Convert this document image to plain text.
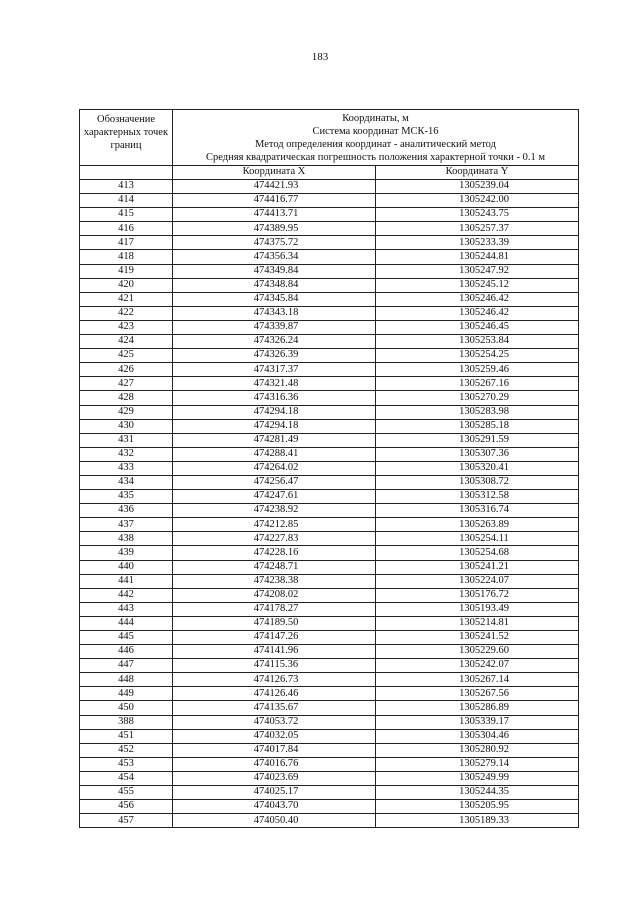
183
Обозначение характерных точек границ	Координаты, м
Система координат МСК-16
Метод определения координат - аналитический метод
Средняя квадратическая погрешность положения характерной точки - 0.1 м	

	Координата X	Координата Y
413	474421.93	1305239.04
414	474416.77	1305242.00
415	474413.71	1305243.75
416	474389.95	1305257.37
417	474375.72	1305233.39
418	474356.34	1305244.81
419	474349.84	1305247.92
420	474348.84	1305245.12
421	474345.84	1305246.42
422	474343.18	1305246.42
423	474339.87	1305246.45
424	474326.24	1305253.84
425	474326.39	1305254.25
426	474317.37	1305259.46
427	474321.48	1305267.16
428	474316.36	1305270.29
429	474294.18	1305283.98
430	474294.18	1305285.18
431	474281.49	1305291.59
432	474288.41	1305307.36
433	474264.02	1305320.41
434	474256.47	1305308.72
435	474247.61	1305312.58
436	474238.92	1305316.74
437	474212.85	1305263.89
438	474227.83	1305254.11
439	474228.16	1305254.68
440	474248.71	1305241.21
441	474238.38	1305224.07
442	474208.02	1305176.72
443	474178.27	1305193.49
444	474189.50	1305214.81
445	474147.26	1305241.52
446	474141.96	1305229.60
447	474115.36	1305242.07
448	474126.73	1305267.14
449	474126.46	1305267.56
450	474135.67	1305286.89
388	474053.72	1305339.17
451	474032.05	1305304.46
452	474017.84	1305280.92
453	474016.76	1305279.14
454	474023.69	1305249.99
455	474025.17	1305244.35
456	474043.70	1305205.95
457	474050.40	1305189.33
